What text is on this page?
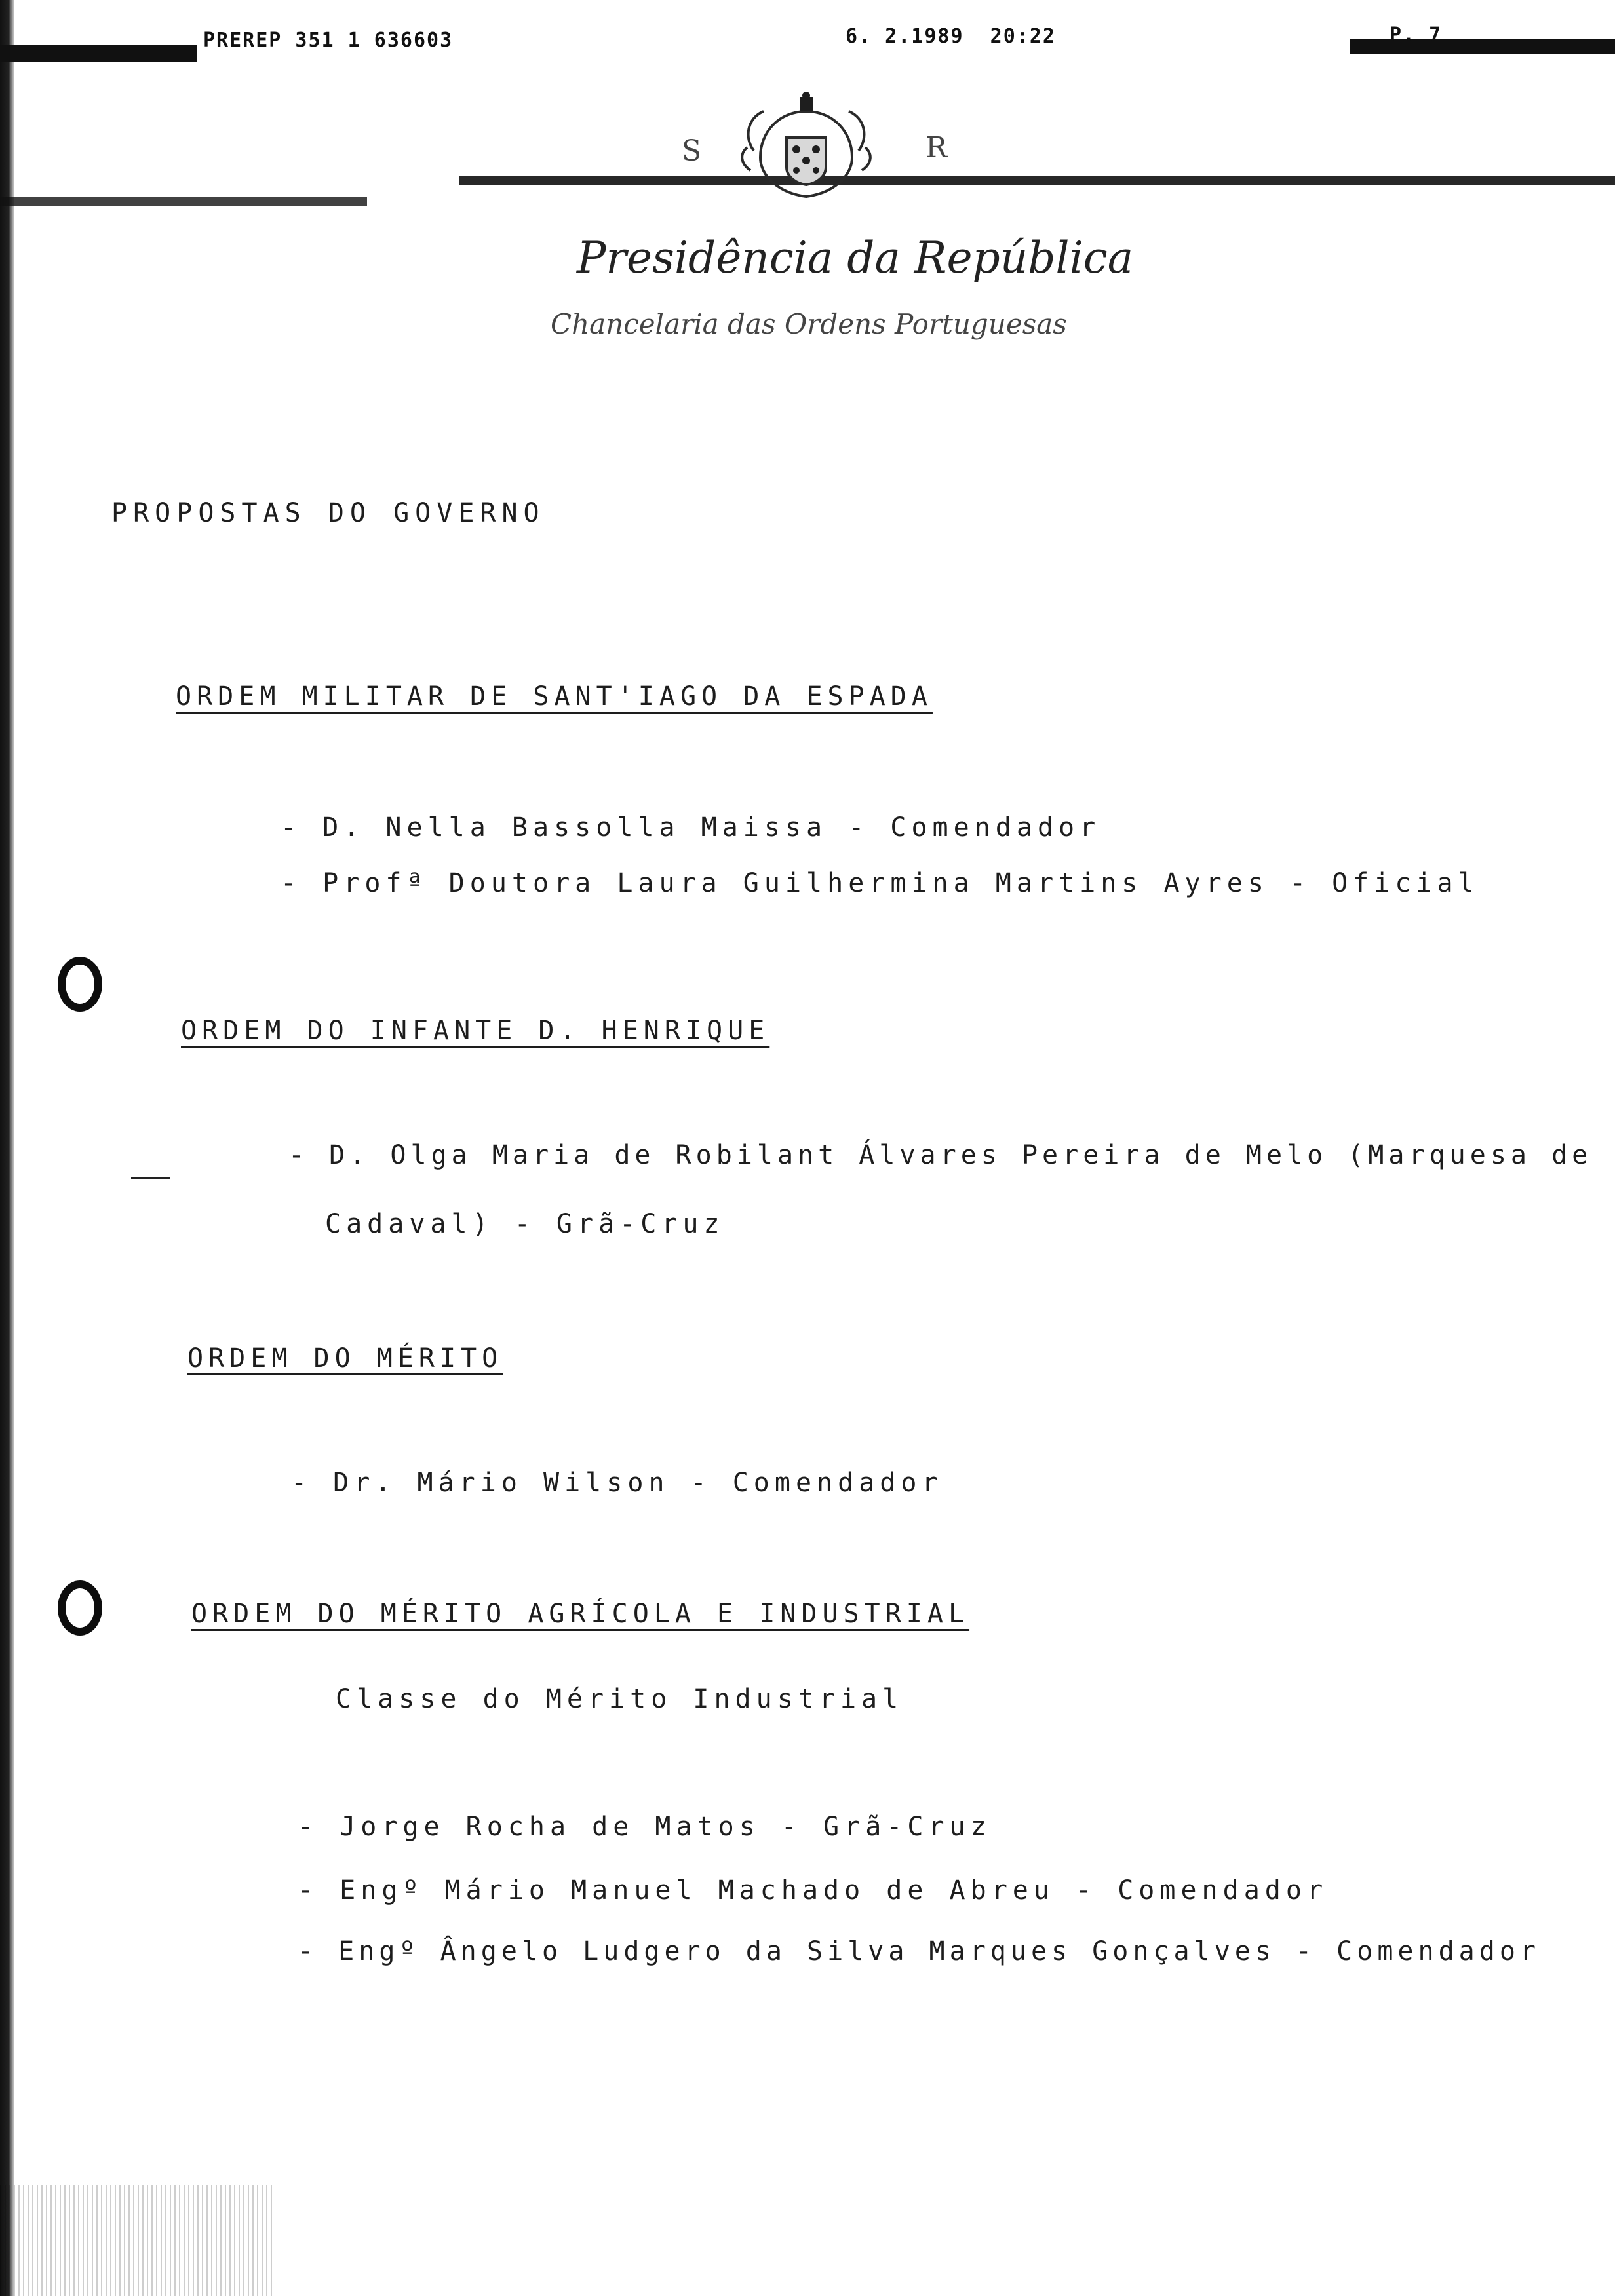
PREREP 351 1 636603	6. 2.1989  20:22	P. 7
S	R
Presidência da República
Chancelaria das Ordens Portuguesas
PROPOSTAS DO GOVERNO
ORDEM MILITAR DE SANT'IAGO DA ESPADA
- D. Nella Bassolla Maissa - Comendador
- Profª Doutora Laura Guilhermina Martins Ayres - Oficial
ORDEM DO INFANTE D. HENRIQUE
- D. Olga Maria de Robilant Álvares Pereira de Melo (Marquesa de
Cadaval) - Grã-Cruz
ORDEM DO MÉRITO
- Dr. Mário Wilson - Comendador
ORDEM DO MÉRITO AGRÍCOLA E INDUSTRIAL
Classe do Mérito Industrial
- Jorge Rocha de Matos - Grã-Cruz
- Engº Mário Manuel Machado de Abreu - Comendador
- Engº Ângelo Ludgero da Silva Marques Gonçalves - Comendador
